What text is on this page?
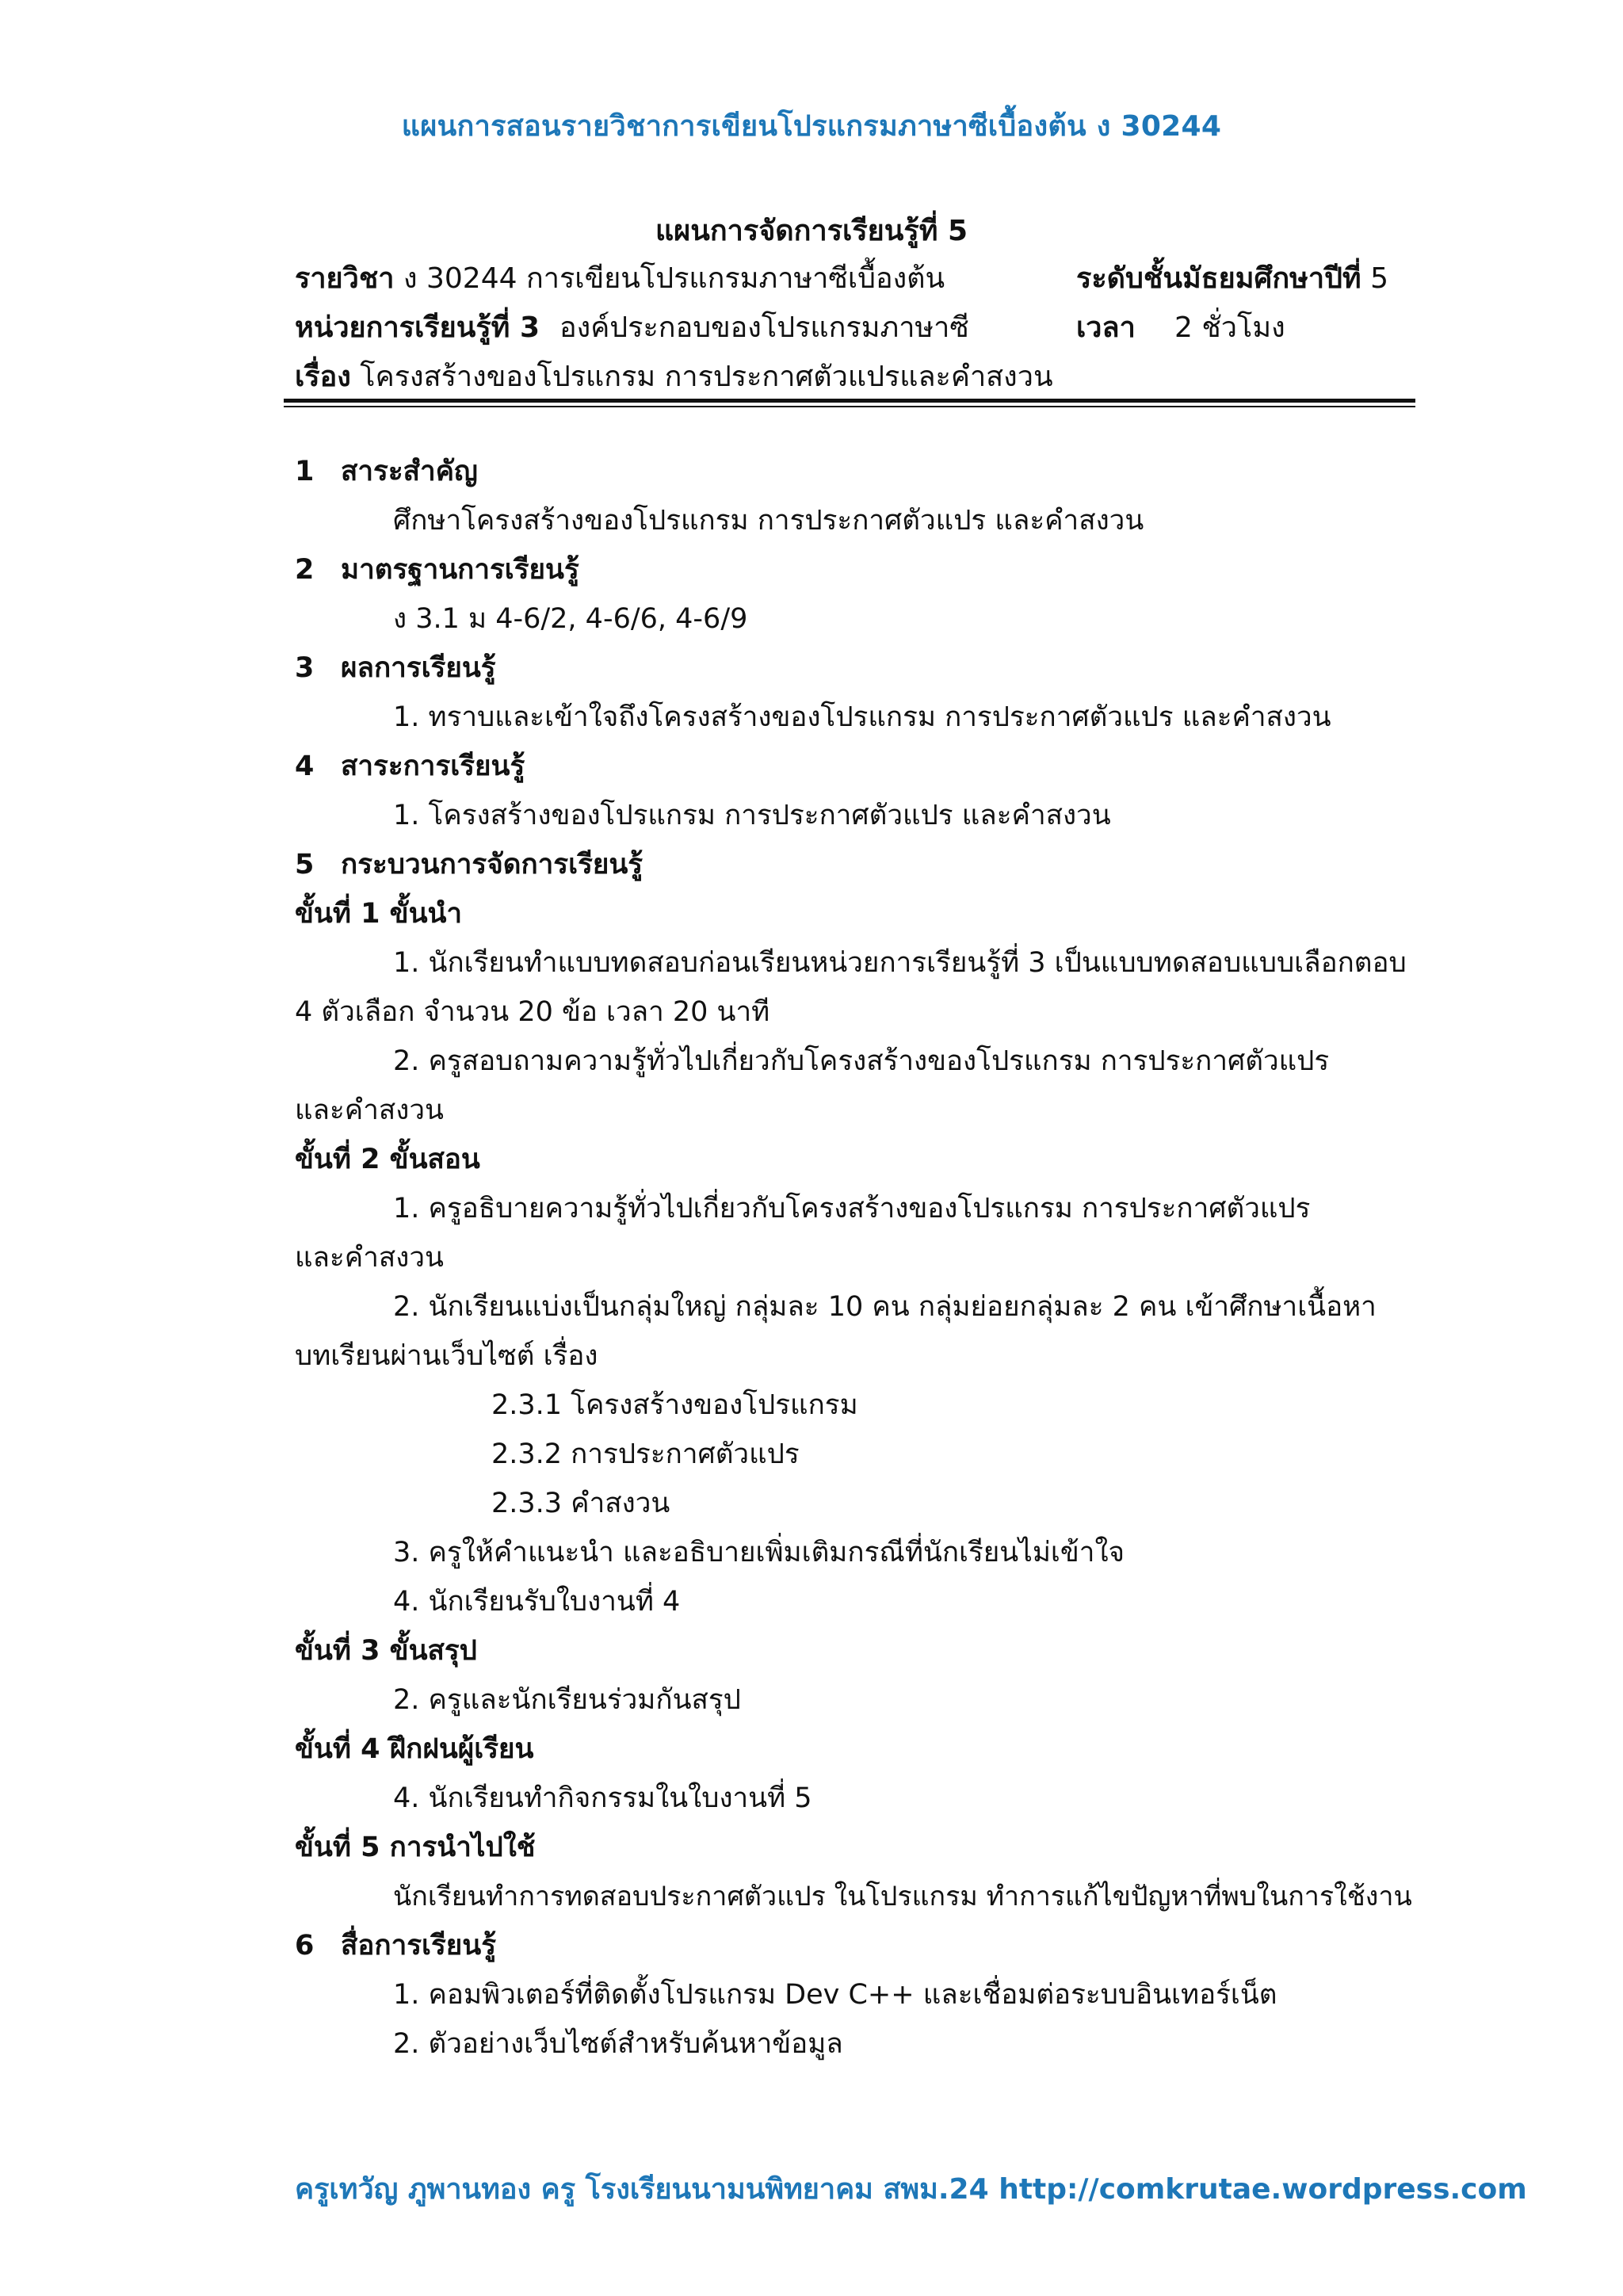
แผนการสอนรายวิชาการเขียนโปรแกรมภาษาซีเบื้องต้น ง 30244
แผนการจัดการเรียนรู้ที่ 5
รายวิชา ง 30244 การเขียนโปรแกรมภาษาซีเบื้องต้น	ระดับชั้นมัธยมศึกษาปีที่ 5
หน่วยการเรียนรู้ที่ 3 องค์ประกอบของโปรแกรมภาษาซี	เวลา 2 ชั่วโมง
เรื่อง โครงสร้างของโปรแกรม การประกาศตัวแปรและคำสงวน
1 สาระสำคัญ
ศึกษาโครงสร้างของโปรแกรม การประกาศตัวแปร และคำสงวน
2 มาตรฐานการเรียนรู้
ง 3.1 ม 4-6/2, 4-6/6, 4-6/9
3 ผลการเรียนรู้
1. ทราบและเข้าใจถึงโครงสร้างของโปรแกรม การประกาศตัวแปร และคำสงวน
4 สาระการเรียนรู้
1. โครงสร้างของโปรแกรม การประกาศตัวแปร และคำสงวน
5 กระบวนการจัดการเรียนรู้
ขั้นที่ 1 ขั้นนำ
1. นักเรียนทำแบบทดสอบก่อนเรียนหน่วยการเรียนรู้ที่ 3 เป็นแบบทดสอบแบบเลือกตอบ
4 ตัวเลือก จำนวน 20 ข้อ เวลา 20 นาที
2. ครูสอบถามความรู้ทั่วไปเกี่ยวกับโครงสร้างของโปรแกรม การประกาศตัวแปร
และคำสงวน
ขั้นที่ 2 ขั้นสอน
1. ครูอธิบายความรู้ทั่วไปเกี่ยวกับโครงสร้างของโปรแกรม การประกาศตัวแปร
และคำสงวน
2. นักเรียนแบ่งเป็นกลุ่มใหญ่ กลุ่มละ 10 คน กลุ่มย่อยกลุ่มละ 2 คน เข้าศึกษาเนื้อหา
บทเรียนผ่านเว็บไซต์ เรื่อง
2.3.1 โครงสร้างของโปรแกรม
2.3.2 การประกาศตัวแปร
2.3.3 คำสงวน
3. ครูให้คำแนะนำ และอธิบายเพิ่มเติมกรณีที่นักเรียนไม่เข้าใจ
4. นักเรียนรับใบงานที่ 4
ขั้นที่ 3 ขั้นสรุป
2. ครูและนักเรียนร่วมกันสรุป
ขั้นที่ 4 ฝึกฝนผู้เรียน
4. นักเรียนทำกิจกรรมในใบงานที่ 5
ขั้นที่ 5 การนำไปใช้
นักเรียนทำการทดสอบประกาศตัวแปร ในโปรแกรม ทำการแก้ไขปัญหาที่พบในการใช้งาน
6 สื่อการเรียนรู้
1. คอมพิวเตอร์ที่ติดตั้งโปรแกรม Dev C++ และเชื่อมต่อระบบอินเทอร์เน็ต
2. ตัวอย่างเว็บไซต์สำหรับค้นหาข้อมูล
ครูเทวัญ ภูพานทอง ครู โรงเรียนนามนพิทยาคม สพม.24 http://comkrutae.wordpress.com
